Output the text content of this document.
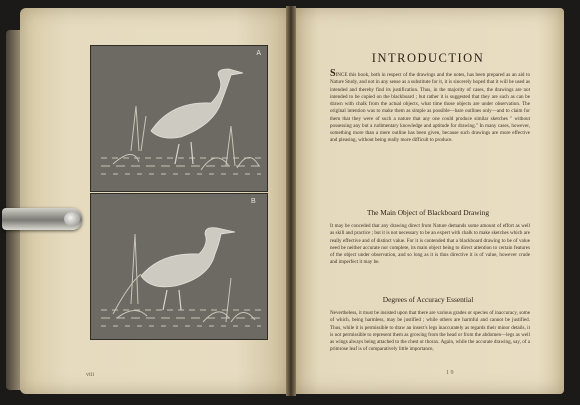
A
B
viii
INTRODUCTION

SINCE this book, both in respect of the drawings and the notes, has been prepared as an aid to Nature Study, and not in any sense as a substitute for it, it is sincerely hoped that it will be used as intended and thereby find its justification. Thus, in the majority of cases, the drawings are not intended to be copied on the blackboard ; but rather it is suggested that they are such as can be drawn with chalk from the actual objects, what time those objects are under observation. The original intention was to make them as simple as possible—bare outlines only—and to claim for them that they were of such a nature that any one could produce similar sketches " without possessing any but a rudimentary knowledge and aptitude for drawing." In many cases, however, something more than a mere outline has been given, because such drawings are more effective and pleasing, without being really more difficult to produce.

The Main Object of Blackboard Drawing

It may be conceded that any drawing direct from Nature demands some amount of effort as well as skill and practice ; but it is not necessary to be an expert with chalk to make sketches which are really effective and of distinct value. For it is contended that a blackboard drawing to be of value need be neither accurate nor complete, its main object being to direct attention to certain features of the object under observation, and so long as it is thus directive it is of value, however crude and imperfect it may be.

Degrees of Accuracy Essential

Nevertheless, it must be insisted upon that there are various grades or species of inaccuracy, some of which, being harmless, may be justified ; while others are harmful and cannot be justified. Thus, while it is permissible to draw an insect's legs inaccurately as regards their minor details, it is not permissible to represent them as growing from the head or from the abdomen—legs as well as wings always being attached to the chest or thorax. Again, while the accurate drawing, say, of a primrose leaf is of comparatively little importance,

1 9
